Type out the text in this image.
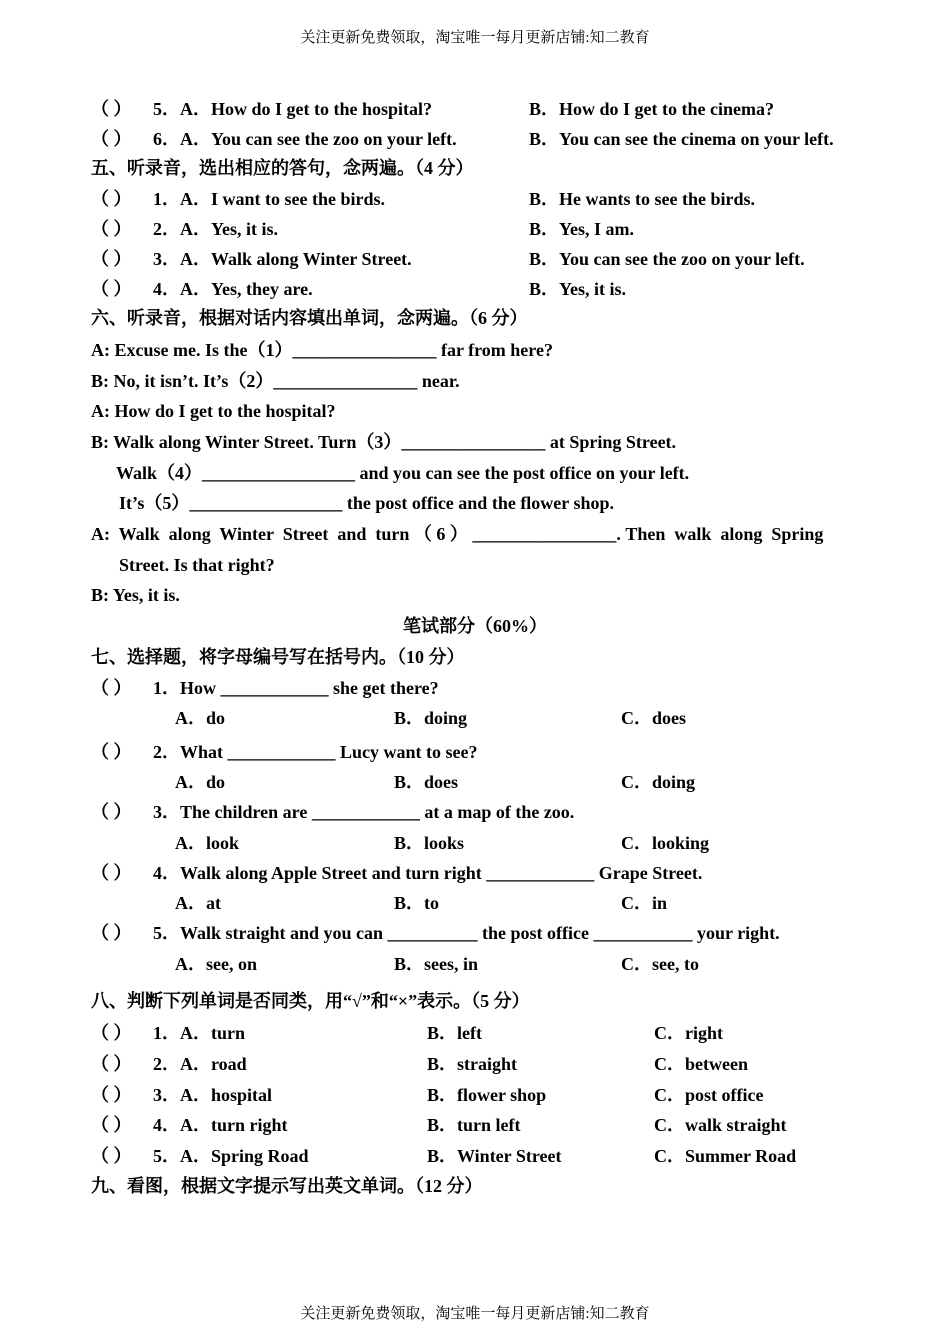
关注更新免费领取，淘宝唯一每月更新店铺:知二教育
（ ） 5．A．How do I get to the hospital?	B．How do I get to the cinema?
（ ） 6．A．You can see the zoo on your left.	B．You can see the cinema on your left.
五、听录音，选出相应的答句，念两遍。（4 分）
（ ） 1．A．I want to see the birds.	B．He wants to see the birds.
（ ） 2．A．Yes, it is.	B．Yes, I am.
（ ） 3．A．Walk along Winter Street.	B．You can see the zoo on your left.
（ ） 4．A．Yes, they are.	B．Yes, it is.
六、听录音，根据对话内容填出单词，念两遍。（6 分）
A: Excuse me. Is the（1）________________ far from here?
B: No, it isn’t. It’s（2）________________ near.
A: How do I get to the hospital?
B: Walk along Winter Street. Turn（3）________________ at Spring Street.
Walk（4）_________________ and you can see the post office on your left.
It’s（5）_________________ the post office and the flower shop.
A:  Walk  along  Winter  Street  and  turn （ 6 ） ________________. Then  walk  along  Spring
Street. Is that right?
B: Yes, it is.
笔试部分（60%）
七、选择题，将字母编号写在括号内。（10 分）
（ ） 1．How ____________ she get there?
A．do	B．doing	C．does
（ ） 2．What ____________ Lucy want to see?
A．do	B．does	C．doing
（ ） 3．The children are ____________ at a map of the zoo.
A．look	B．looks	C．looking
（ ） 4．Walk along Apple Street and turn right ____________ Grape Street.
A．at	B．to	C．in
（ ） 5．Walk straight and you can __________ the post office ___________ your right.
A．see, on	B．sees, in	C．see, to
八、判断下列单词是否同类，用“√”和“×”表示。（5 分）
（ ） 1．A．turn	B．left	C．right
（ ） 2．A．road	B．straight	C．between
（ ） 3．A．hospital	B．flower shop	C．post office
（ ） 4．A．turn right	B．turn left	C．walk straight
（ ） 5．A．Spring Road	B．Winter Street	C．Summer Road
九、看图，根据文字提示写出英文单词。（12 分）
关注更新免费领取，淘宝唯一每月更新店铺:知二教育
